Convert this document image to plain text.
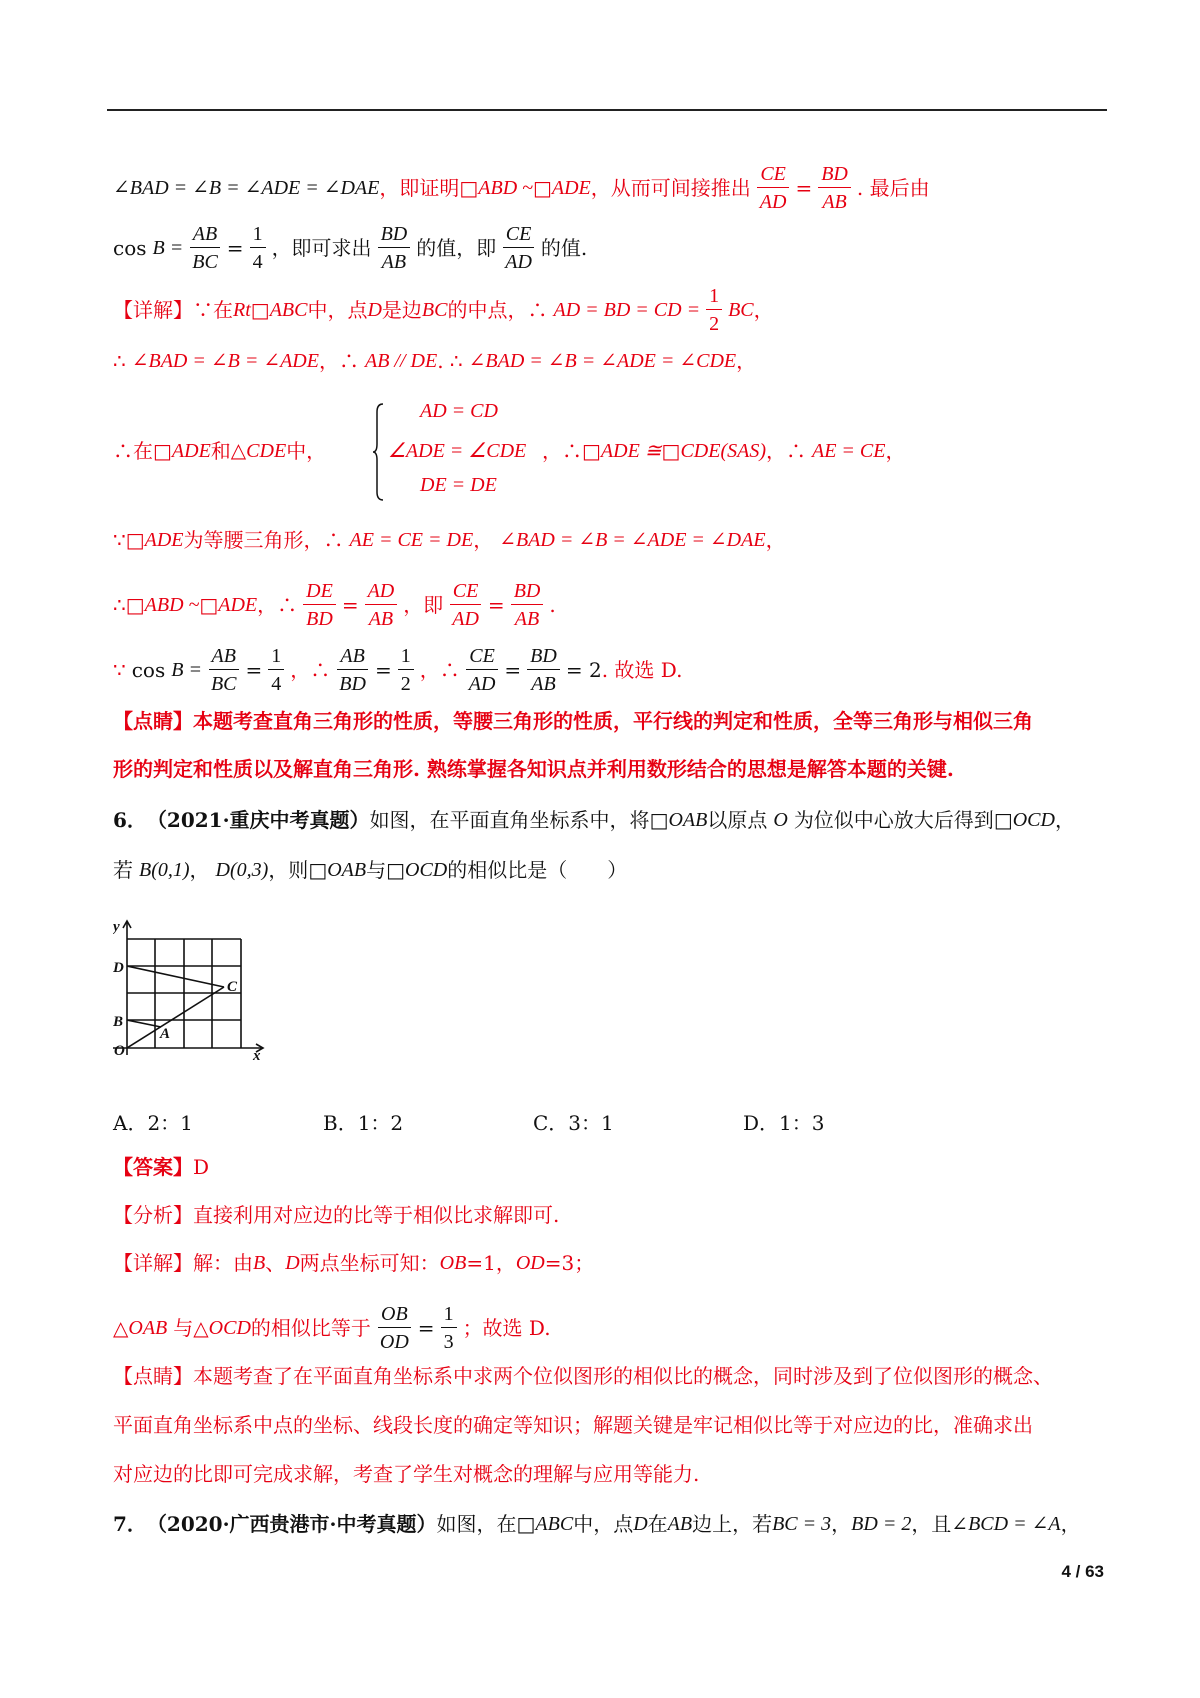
∠BAD = ∠B = ∠ADE = ∠DAE ，即证明 □ ABD ~ □ ADE ，从而可间接推出 $\frac{CE}{AD} = \frac{BD}{AB}$ . 最后由
$\cos B = \frac{AB}{BC} = \frac{1}{4}$ ，即可求出 $\frac{BD}{AB}$ 的值，即 $\frac{CE}{AD}$ 的值.
【详解】 ∵在 Rt □ ABC 中，点 D 是边 BC 的中点，∴ AD = BD = CD = $\frac{1}{2}$ BC ，
∴ ∠BAD = ∠B = ∠ADE ，∴ AB // DE . ∴ ∠BAD = ∠B = ∠ADE = ∠CDE ，
∴在 □ ADE 和 △CDE 中，
AD = CD
∠ADE = ∠CDE
DE = DE
，∴ □ ADE ≅ □ CDE(SAS) ，∴ AE = CE ，
∵ □ ADE 为等腰三角形，∴ AE = CE = DE ， ∠BAD = ∠B = ∠ADE = ∠DAE ，
∴ □ ABD ~ □ ADE ，∴ $\frac{DE}{BD} = \frac{AD}{AB}$ ，即 $\frac{CE}{AD} = \frac{BD}{AB}$ .
∵ $\cos B = \frac{AB}{BC} = \frac{1}{4}$ ，∴ $\frac{AB}{BD} = \frac{1}{2}$ ，∴ $\frac{CE}{AD} = \frac{BD}{AB} = 2$ . 故选 D.
【点睛】 本题考查直角三角形的性质，等腰三角形的性质，平行线的判定和性质，全等三角形与相似三角
形的判定和性质以及解直角三角形. 熟练掌握各知识点并利用数形结合的思想是解答本题的关键.
6． （2021·重庆中考真题） 如图，在平面直角坐标系中，将 □ OAB 以原点 O 为位似中心放大后得到 □ OCD ，
若 B(0,1) ， D(0,3) ，则 □ OAB 与 □ OCD 的相似比是（　　）
y
x
D
C
B
A
O
A．2：1	B．1：2	C．3：1	D．1：3
【答案】 D
【分析】 直接利用对应边的比等于相似比求解即可.
【详解】 解：由 B 、 D 两点坐标可知： OB =1， OD =3；
△ OAB 与△ OCD 的相似比等于 $\frac{OB}{OD} = \frac{1}{3}$ ；故选 D.
【点睛】 本题考查了在平面直角坐标系中求两个位似图形的相似比的概念，同时涉及到了位似图形的概念、
平面直角坐标系中点的坐标、线段长度的确定等知识；解题关键是牢记相似比等于对应边的比，准确求出
对应边的比即可完成求解，考查了学生对概念的理解与应用等能力.
7． （2020·广西贵港市·中考真题） 如图，在 □ ABC 中，点 D 在 AB 边上，若 BC = 3 ， BD = 2 ，且∠ BCD = ∠A ，
4 / 63
